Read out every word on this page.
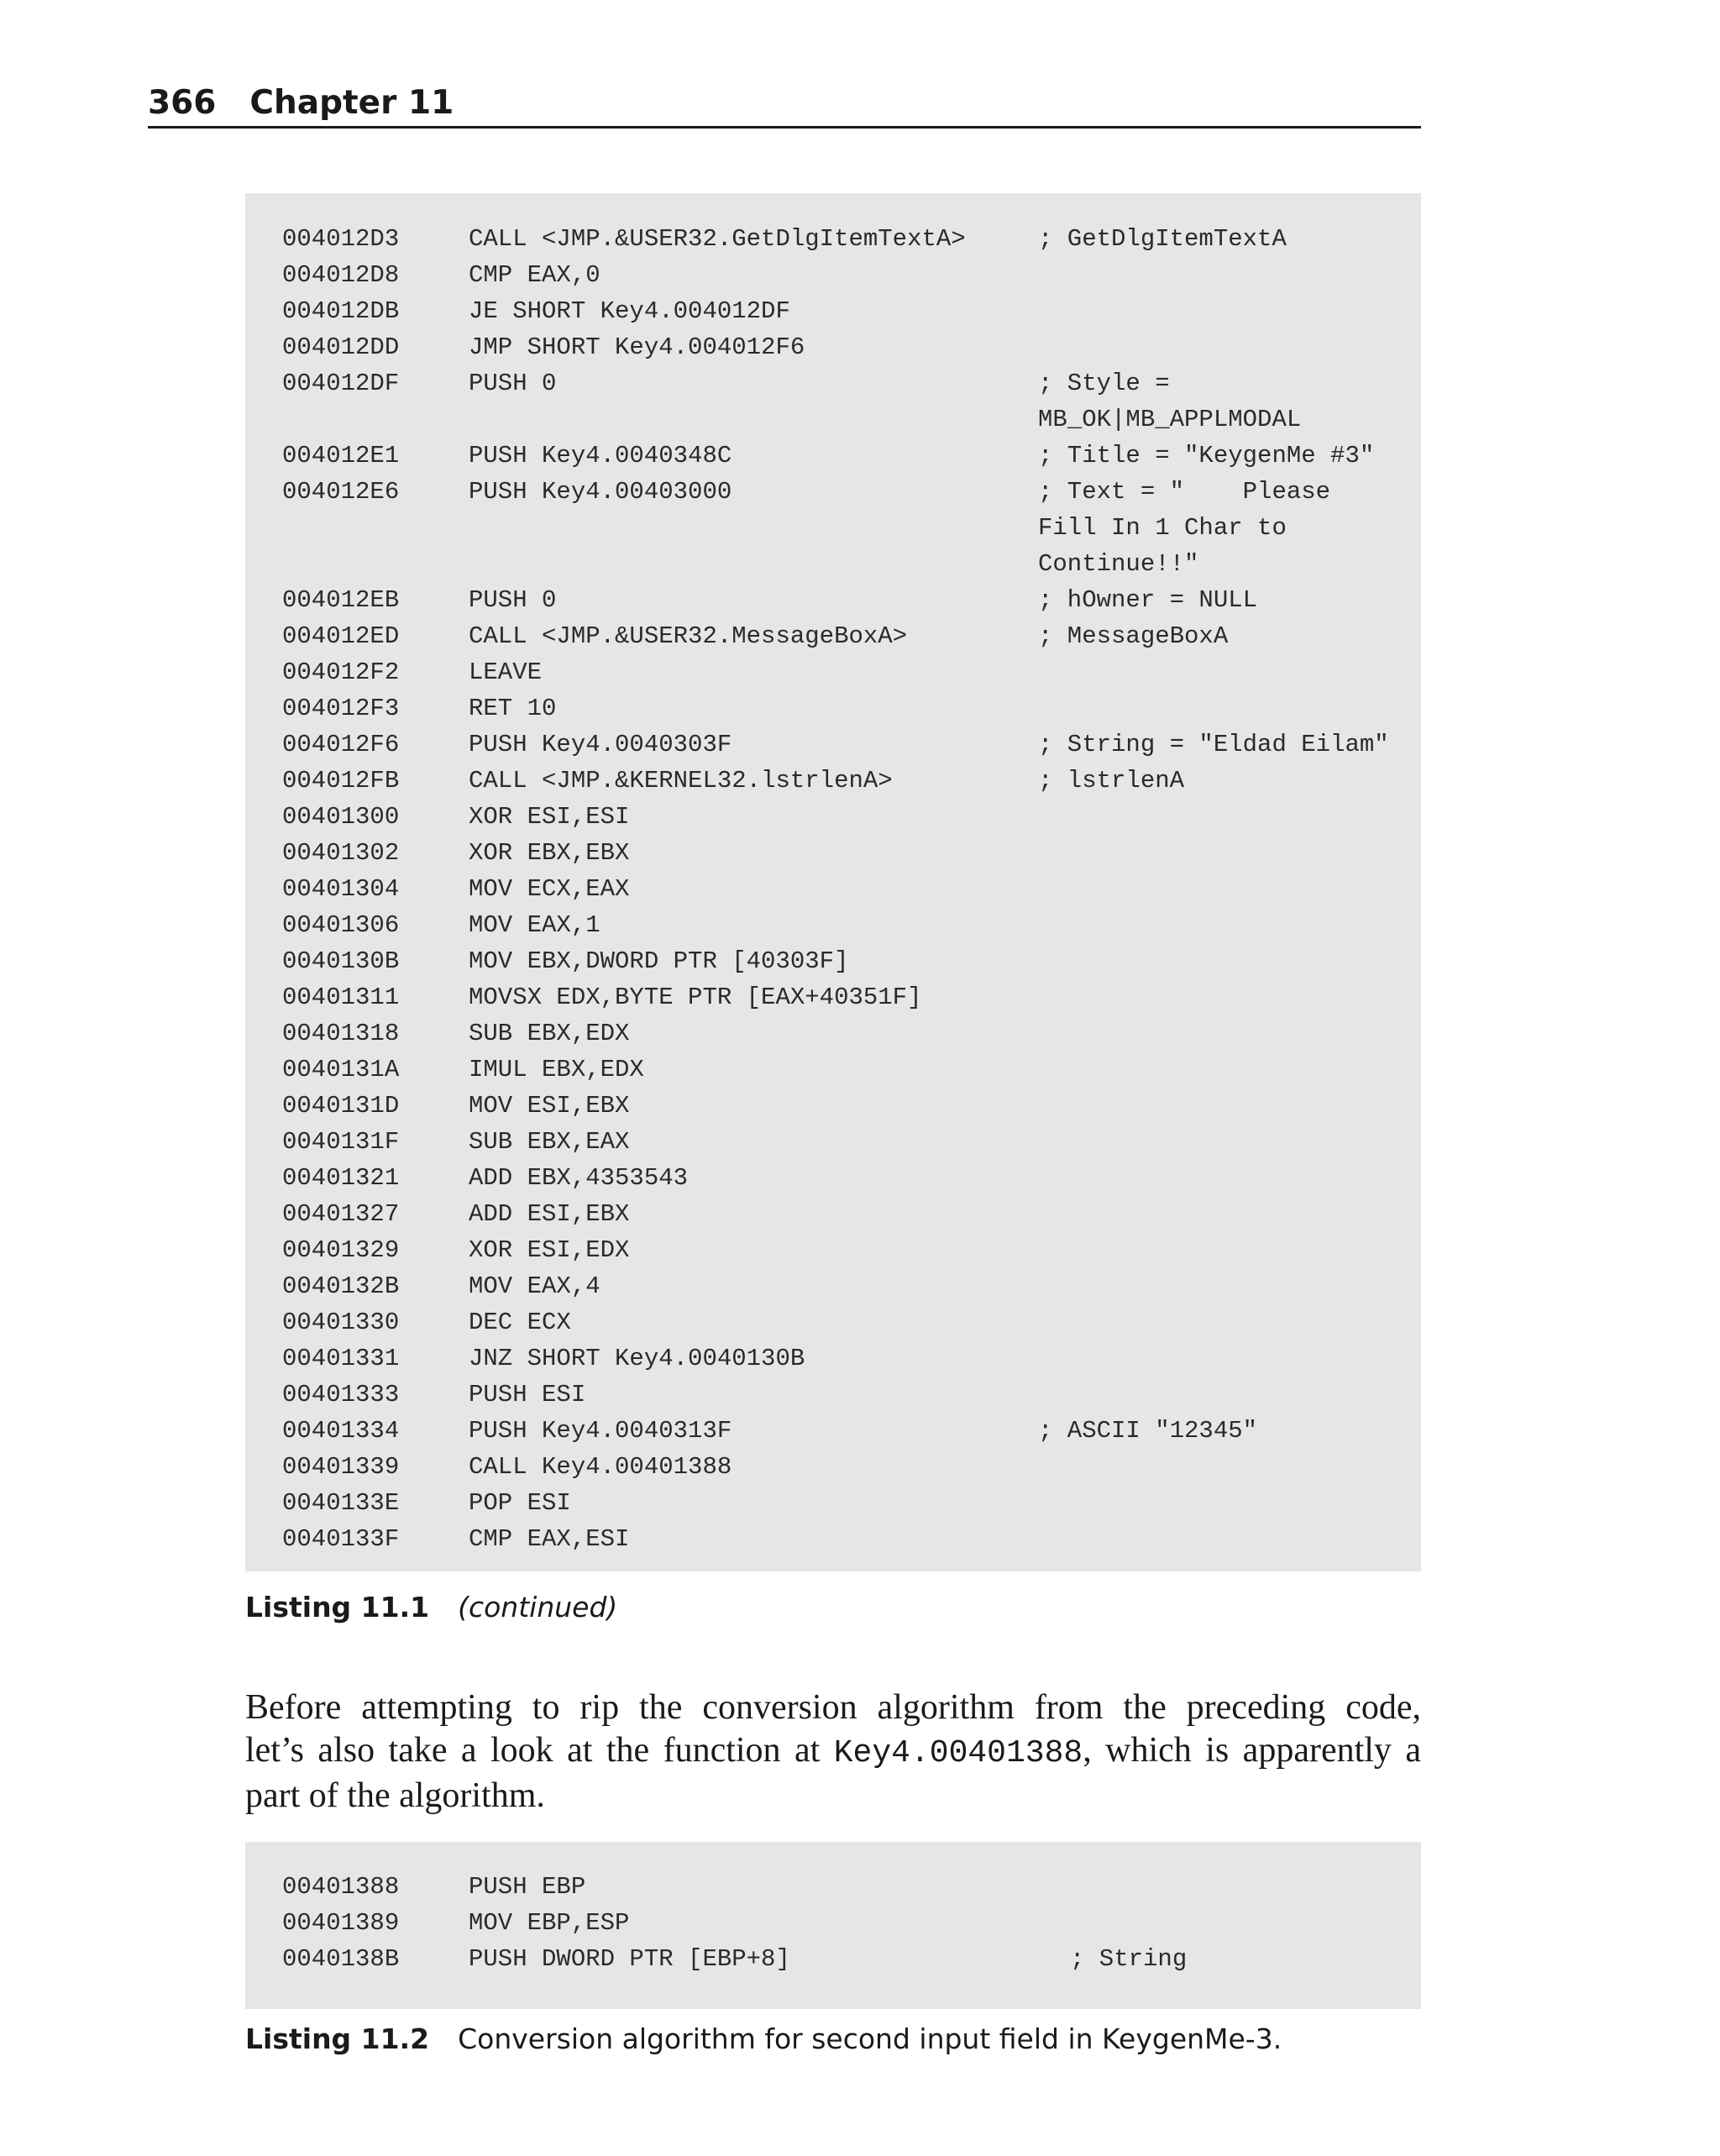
366 Chapter 11
004012D3	CALL <JMP.&USER32.GetDlgItemTextA>	; GetDlgItemTextA
004012D8	CMP EAX,0
004012DB	JE SHORT Key4.004012DF
004012DD	JMP SHORT Key4.004012F6
004012DF	PUSH 0	; Style =
MB_OK|MB_APPLMODAL
004012E1	PUSH Key4.0040348C	; Title = "KeygenMe #3"
004012E6	PUSH Key4.00403000	; Text = "    Please
Fill In 1 Char to
Continue!!"
004012EB	PUSH 0	; hOwner = NULL
004012ED	CALL <JMP.&USER32.MessageBoxA>	; MessageBoxA
004012F2	LEAVE
004012F3	RET 10
004012F6	PUSH Key4.0040303F	; String = "Eldad Eilam"
004012FB	CALL <JMP.&KERNEL32.lstrlenA>	; lstrlenA
00401300	XOR ESI,ESI
00401302	XOR EBX,EBX
00401304	MOV ECX,EAX
00401306	MOV EAX,1
0040130B	MOV EBX,DWORD PTR [40303F]
00401311	MOVSX EDX,BYTE PTR [EAX+40351F]
00401318	SUB EBX,EDX
0040131A	IMUL EBX,EDX
0040131D	MOV ESI,EBX
0040131F	SUB EBX,EAX
00401321	ADD EBX,4353543
00401327	ADD ESI,EBX
00401329	XOR ESI,EDX
0040132B	MOV EAX,4
00401330	DEC ECX
00401331	JNZ SHORT Key4.0040130B
00401333	PUSH ESI
00401334	PUSH Key4.0040313F	; ASCII "12345"
00401339	CALL Key4.00401388
0040133E	POP ESI
0040133F	CMP EAX,ESI
Listing 11.1 (continued)
Before attempting to rip the conversion algorithm from the preceding code,
let’s also take a look at the function at Key4.00401388, which is apparently a
part of the algorithm.
00401388	PUSH EBP
00401389	MOV EBP,ESP
0040138B	PUSH DWORD PTR [EBP+8]	; String
Listing 11.2 Conversion algorithm for second input field in KeygenMe-3.
